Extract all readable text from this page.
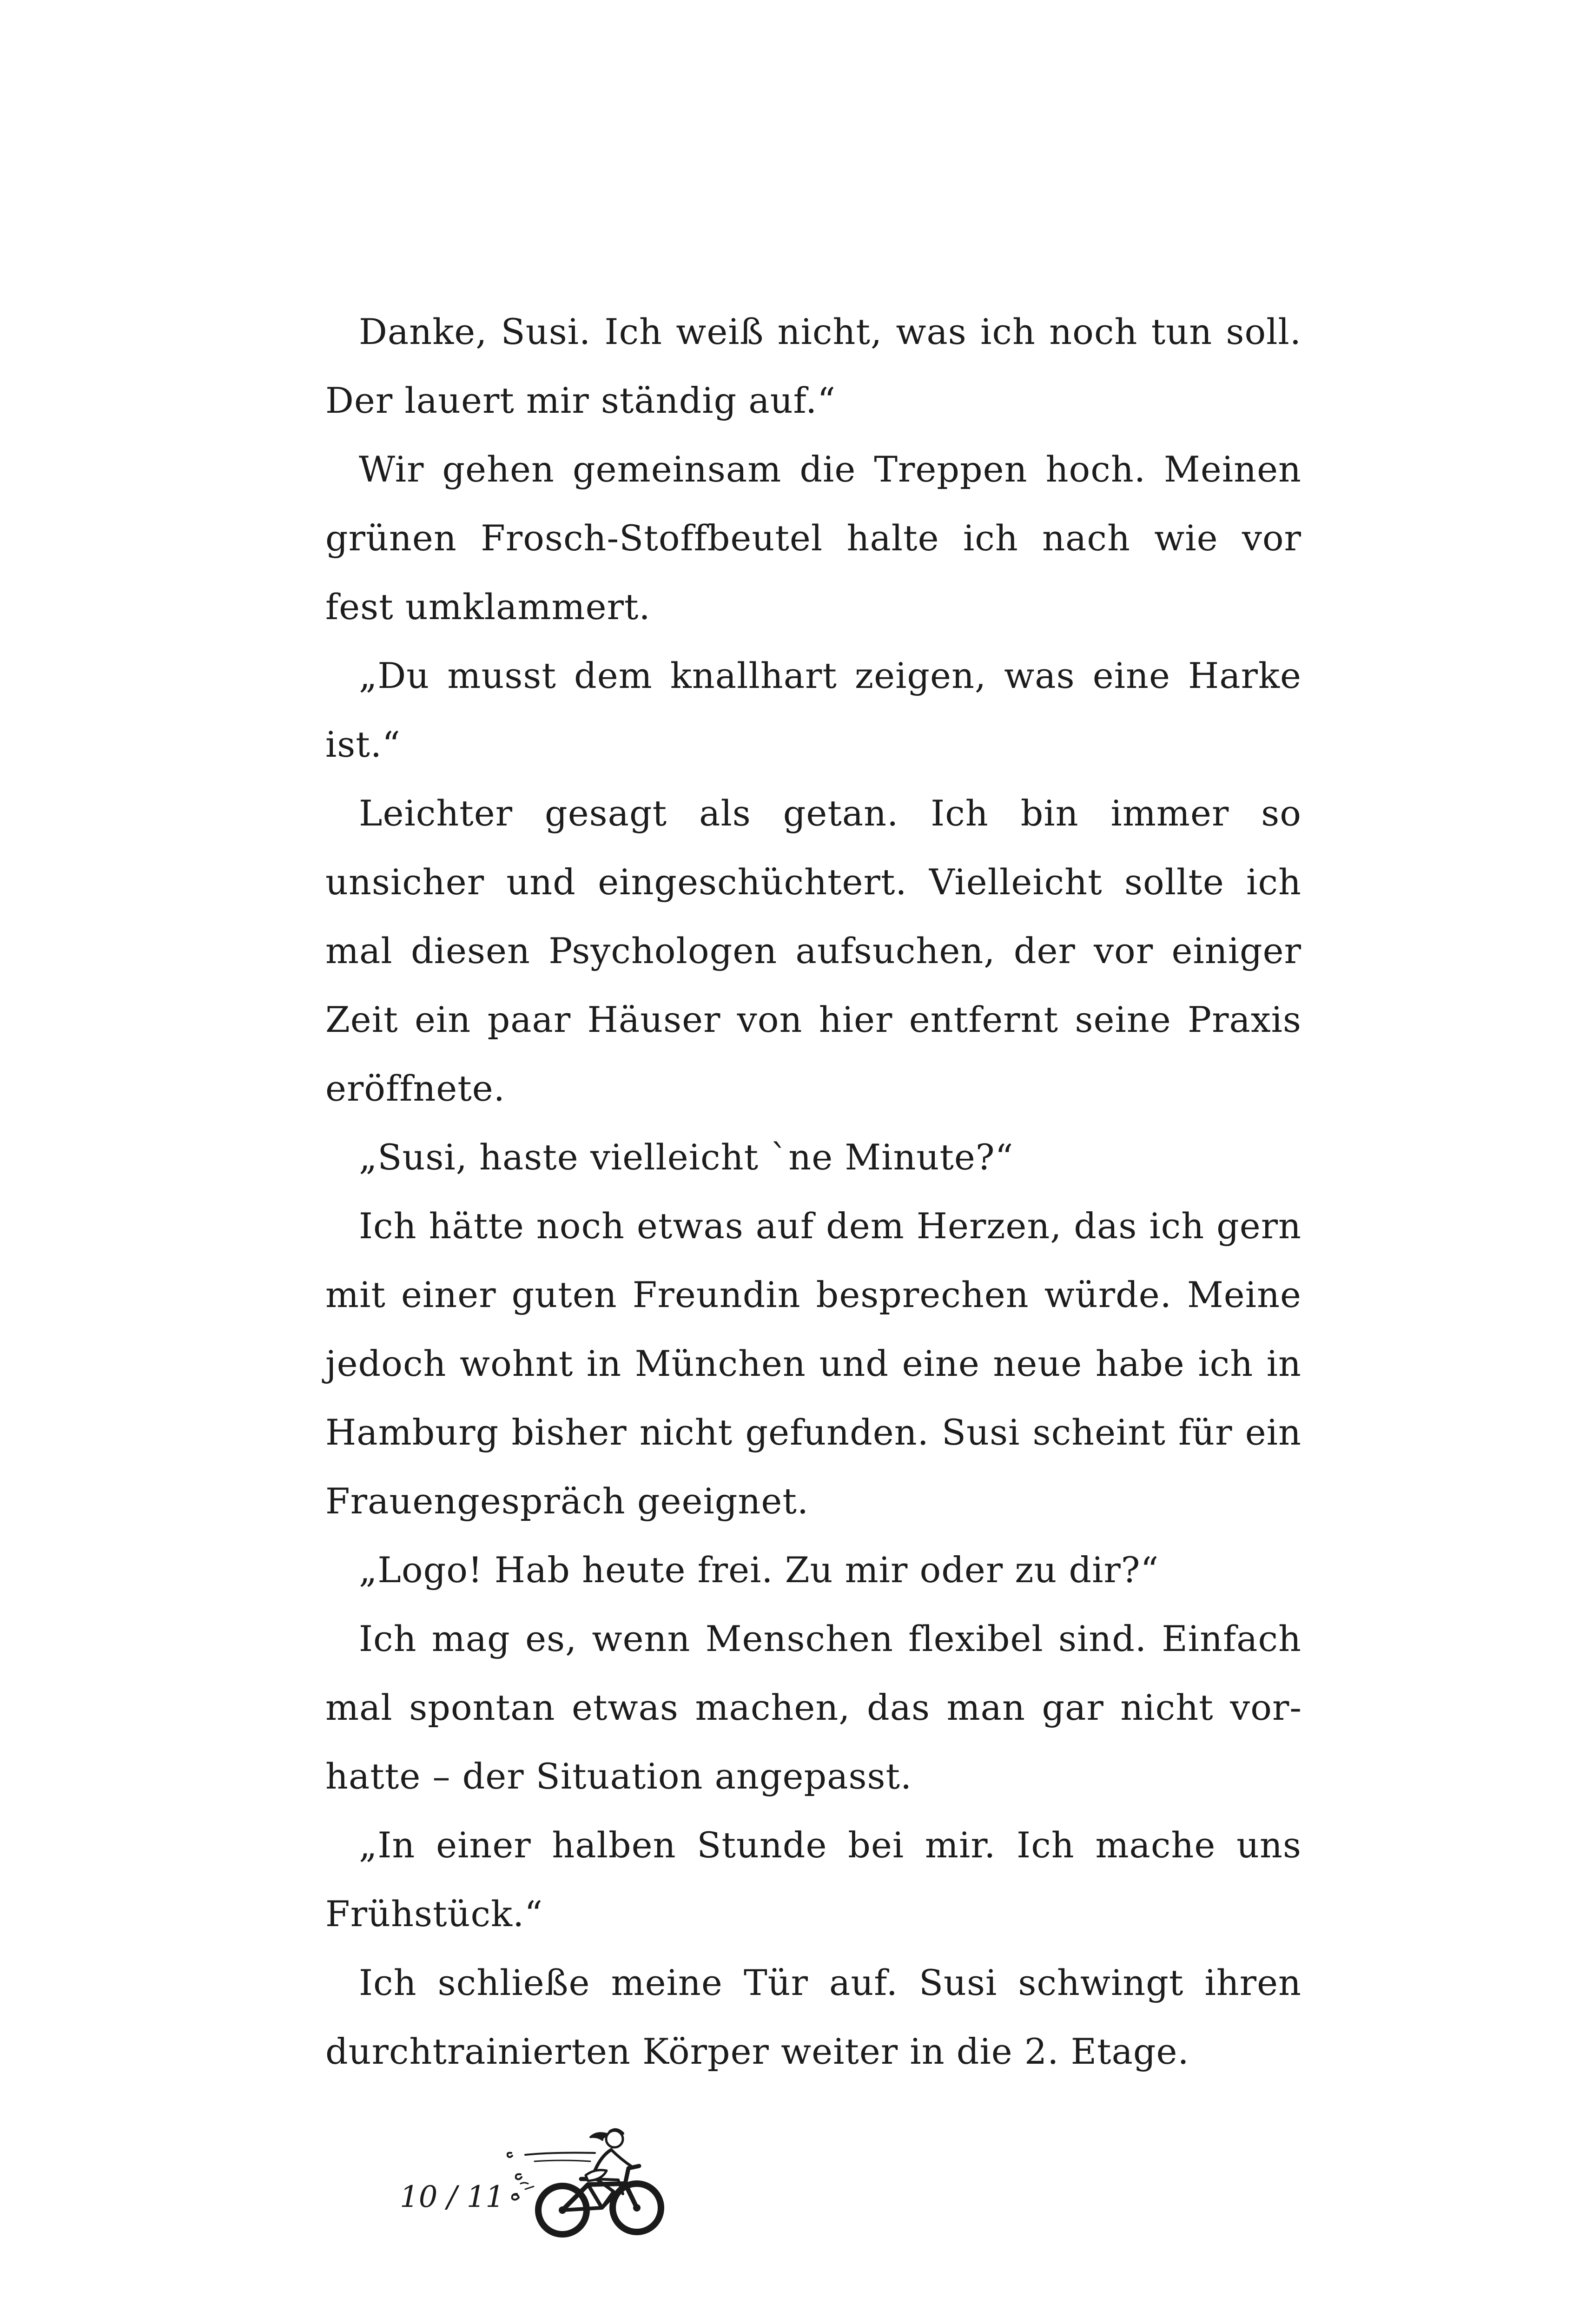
Danke, Susi. Ich weiß nicht, was ich noch tun soll. Der lauert mir ständig auf.“

Wir gehen gemeinsam die Treppen hoch. Meinen grünen Frosch-Stoffbeutel halte ich nach wie vor fest umklammert.

„Du musst dem knallhart zeigen, was eine Harke ist.“

Leichter gesagt als getan. Ich bin immer so unsicher und eingeschüchtert. Vielleicht sollte ich mal diesen Psychologen aufsuchen, der vor einiger Zeit ein paar Häuser von hier entfernt seine Praxis eröffnete.

„Susi, haste vielleicht `ne Minute?“

Ich hätte noch etwas auf dem Herzen, das ich gern mit einer guten Freundin besprechen würde. Meine jedoch wohnt in München und eine neue habe ich in Hamburg bisher nicht gefunden. Susi scheint für ein Frauengespräch geeignet.

„Logo! Hab heute frei. Zu mir oder zu dir?“

Ich mag es, wenn Menschen flexibel sind. Einfach mal spontan etwas machen, das man gar nicht vorhatte – der Situation angepasst.

„In einer halben Stunde bei mir. Ich mache uns Frühstück.“

Ich schließe meine Tür auf. Susi schwingt ihren durchtrainierten Körper weiter in die 2. Etage.

10 / 11
